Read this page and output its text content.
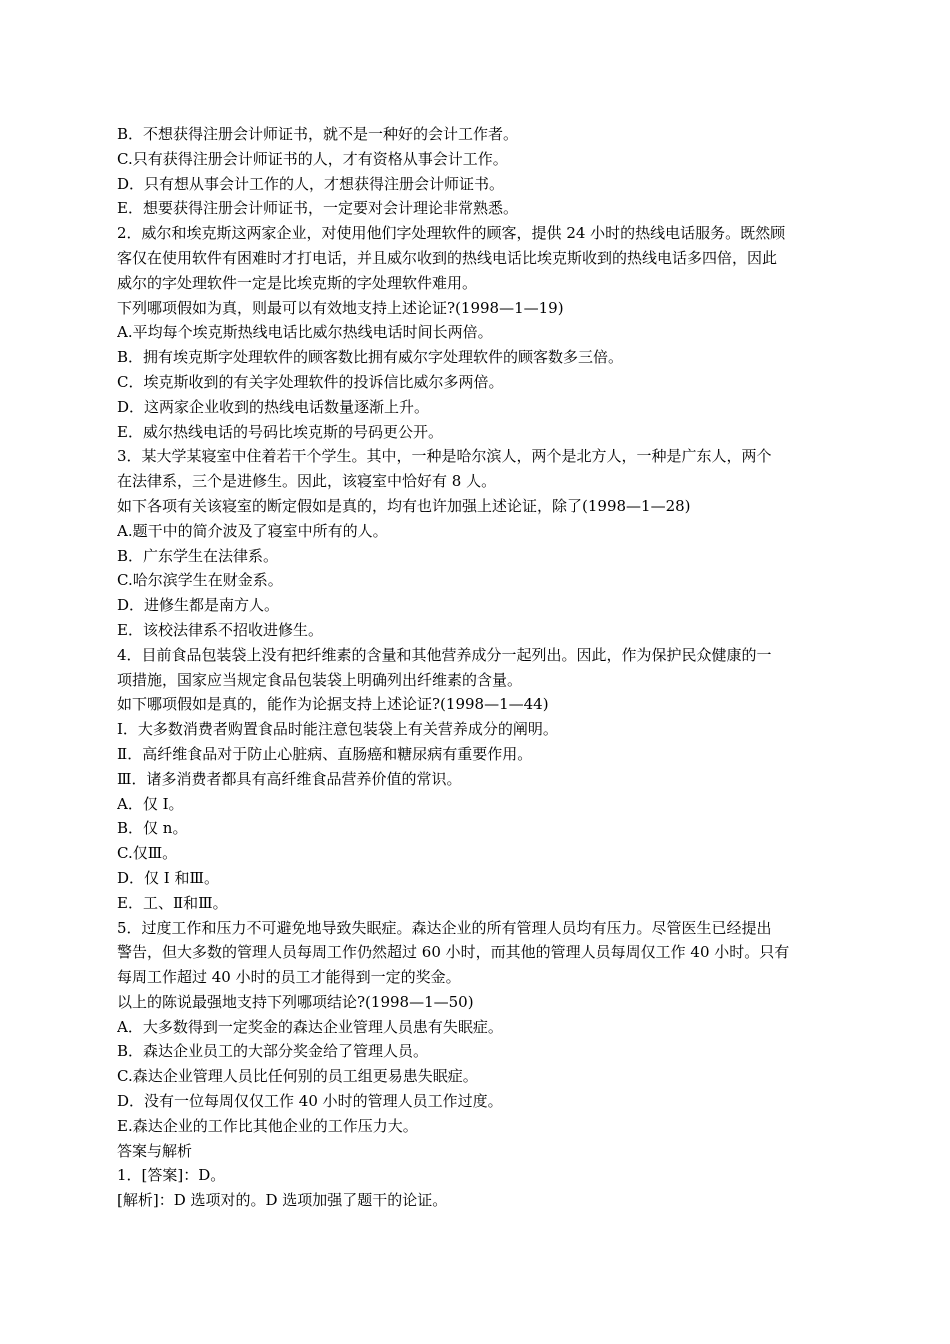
B．不想获得注册会计师证书，就不是一种好的会计工作者。
C.只有获得注册会计师证书的人，才有资格从事会计工作。
D．只有想从事会计工作的人，才想获得注册会计师证书。
E．想要获得注册会计师证书，一定要对会计理论非常熟悉。
2．威尔和埃克斯这两家企业，对使用他们字处理软件的顾客，提供 24 小时的热线电话服务。既然顾
客仅在使用软件有困难时才打电话，并且威尔收到的热线电话比埃克斯收到的热线电话多四倍，因此
威尔的字处理软件一定是比埃克斯的字处理软件难用。
下列哪项假如为真，则最可以有效地支持上述论证?(1998—1—19)
A.平均每个埃克斯热线电话比威尔热线电话时间长两倍。
B．拥有埃克斯字处理软件的顾客数比拥有威尔字处理软件的顾客数多三倍。
C．埃克斯收到的有关字处理软件的投诉信比威尔多两倍。
D．这两家企业收到的热线电话数量逐渐上升。
E．威尔热线电话的号码比埃克斯的号码更公开。
3．某大学某寝室中住着若干个学生。其中，一种是哈尔滨人，两个是北方人，一种是广东人，两个
在法律系，三个是进修生。因此，该寝室中恰好有 8 人。
如下各项有关该寝室的断定假如是真的，均有也许加强上述论证，除了(1998—1—28)
A.题干中的简介波及了寝室中所有的人。
B．广东学生在法律系。
C.哈尔滨学生在财金系。
D．进修生都是南方人。
E．该校法律系不招收进修生。
4．目前食品包装袋上没有把纤维素的含量和其他营养成分一起列出。因此，作为保护民众健康的一
项措施，国家应当规定食品包装袋上明确列出纤维素的含量。
如下哪项假如是真的，能作为论据支持上述论证?(1998—1—44)
I．大多数消费者购置食品时能注意包装袋上有关营养成分的阐明。
Ⅱ．高纤维食品对于防止心脏病、直肠癌和糖尿病有重要作用。
Ⅲ．诸多消费者都具有高纤维食品营养价值的常识。
A．仅 I。
B．仅 n。
C.仅Ⅲ。
D．仅 I 和Ⅲ。
E．工、Ⅱ和Ⅲ。
5．过度工作和压力不可避免地导致失眠症。森达企业的所有管理人员均有压力。尽管医生已经提出
警告，但大多数的管理人员每周工作仍然超过 60 小时，而其他的管理人员每周仅工作 40 小时。只有
每周工作超过 40 小时的员工才能得到一定的奖金。
以上的陈说最强地支持下列哪项结论?(1998—1—50)
A．大多数得到一定奖金的森达企业管理人员患有失眠症。
B．森达企业员工的大部分奖金给了管理人员。
C.森达企业管理人员比任何别的员工组更易患失眠症。
D．没有一位每周仅仅工作 40 小时的管理人员工作过度。
E.森达企业的工作比其他企业的工作压力大。
答案与解析
1．[答案]：D。
[解析]：D 选项对的。D 选项加强了题干的论证。
